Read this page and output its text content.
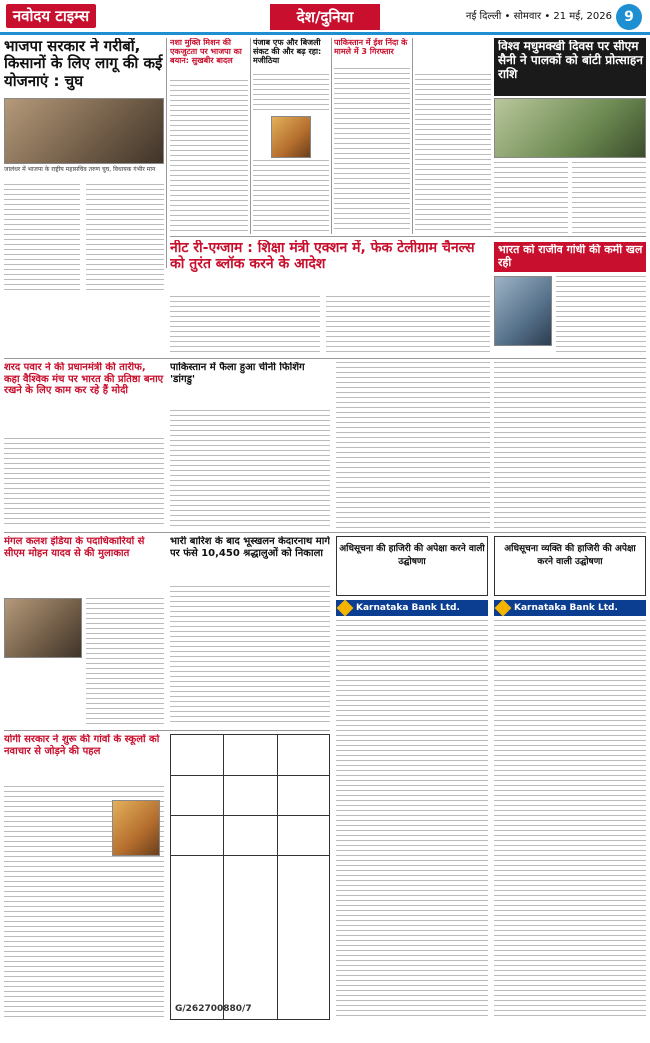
नवोदय टाइम्स	देश/दुनिया	नई दिल्ली • सोमवार • 21 मई, 2026 9
भाजपा सरकार ने गरीबों, किसानों के लिए लागू की कई योजनाएं : चुघ
जालंधर में भाजपा के राष्ट्रीय महासचिव तरुण चुघ, विधायक गंभीर मान
नशा मुक्ति मिशन की एकजुटता पर भाजपा का बयान: सुखबीर बादल
पंजाब एफ और बिजली संकट की और बढ़ रहा: मजीठिया
पाकिस्तान में ईश निंदा के मामले में 3 गिरफ्तार	विश्व मधुमक्खी दिवस पर सीएम सैनी ने पालकों को बांटी प्रोत्साहन राशि
नीट री-एग्जाम : शिक्षा मंत्री एक्शन में, फेक टेलीग्राम चैनल्स को तुरंत ब्लॉक करने के आदेश
भारत को राजीव गांधी की कमी खल रही
शरद पवार ने की प्रधानमंत्री की तारीफ, कहा वैश्विक मंच पर भारत की प्रतिष्ठा बनाए रखने के लिए काम कर रहे हैं मोदी
पाकिस्तान में फैला हुआ चीनी फिशिंग 'डांगडु'
मंगल कलश इंडिया के पदाधिकारियों से सीएम मोहन यादव से की मुलाकात
भारी बारिश के बाद भूस्खलन केदारनाथ मार्ग पर फंसे 10,450 श्रद्धालुओं को निकाला	अधिसूचना की हाजिरी की अपेक्षा करने वाली उद्घोषणा
अधिसूचना व्यक्ति की हाजिरी की अपेक्षा करने वाली उद्घोषणा
Karnataka Bank Ltd.	Karnataka Bank Ltd.
योगी सरकार ने शुरू की गांवों के स्कूलों को नवाचार से जोड़ने की पहल
G/262700880/7
